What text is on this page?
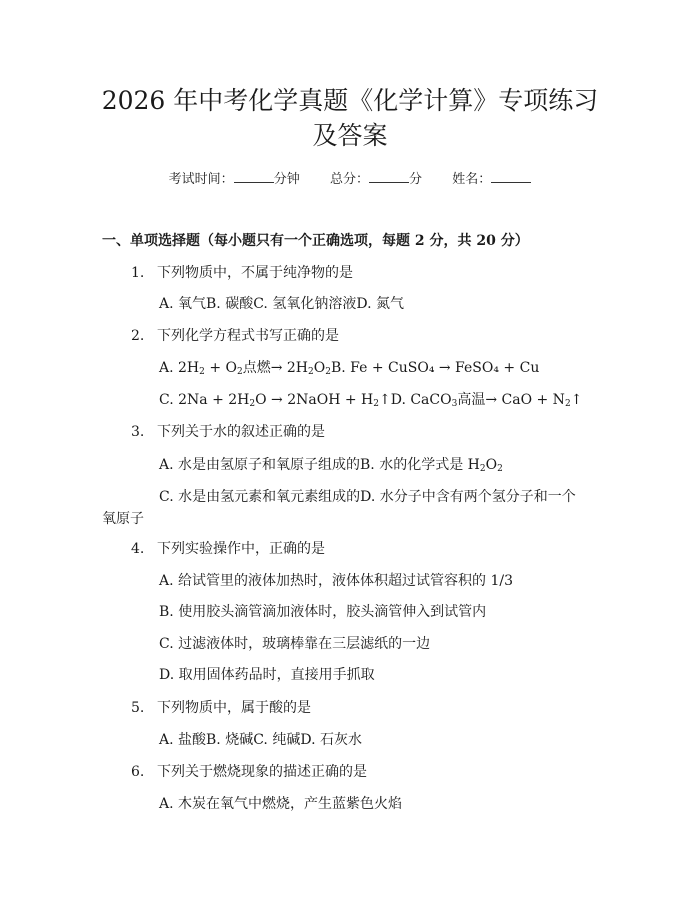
2026 年中考化学真题《化学计算》专项练习
及答案
考试时间：	分钟 总分：	分 姓名：
一、单项选择题（每小题只有一个正确选项，每题 2 分，共 20 分）
1. 下列物质中，不属于纯净物的是
A. 氧气B. 碳酸C. 氢氧化钠溶液D. 氮气
2. 下列化学方程式书写正确的是
A. $2H_2 + O_2$点燃→ $2H_2O_2B$. Fe + CuSO₄ → FeSO₄ + Cu
C. $2Na + 2H_2O$ → 2NaOH + $H_2↑D$. CaCO$_3$高温→ CaO + $N_2↑$
3. 下列关于水的叙述正确的是
A. 水是由氢原子和氧原子组成的B. 水的化学式是 $H_2O_2$
C. 水是由氢元素和氧元素组成的D. 水分子中含有两个氢分子和一个
氧原子
4. 下列实验操作中，正确的是
A. 给试管里的液体加热时，液体体积超过试管容积的 1/3
B. 使用胶头滴管滴加液体时，胶头滴管伸入到试管内
C. 过滤液体时，玻璃棒靠在三层滤纸的一边
D. 取用固体药品时，直接用手抓取
5. 下列物质中，属于酸的是
A. 盐酸B. 烧碱C. 纯碱D. 石灰水
6. 下列关于燃烧现象的描述正确的是
A. 木炭在氧气中燃烧，产生蓝紫色火焰
